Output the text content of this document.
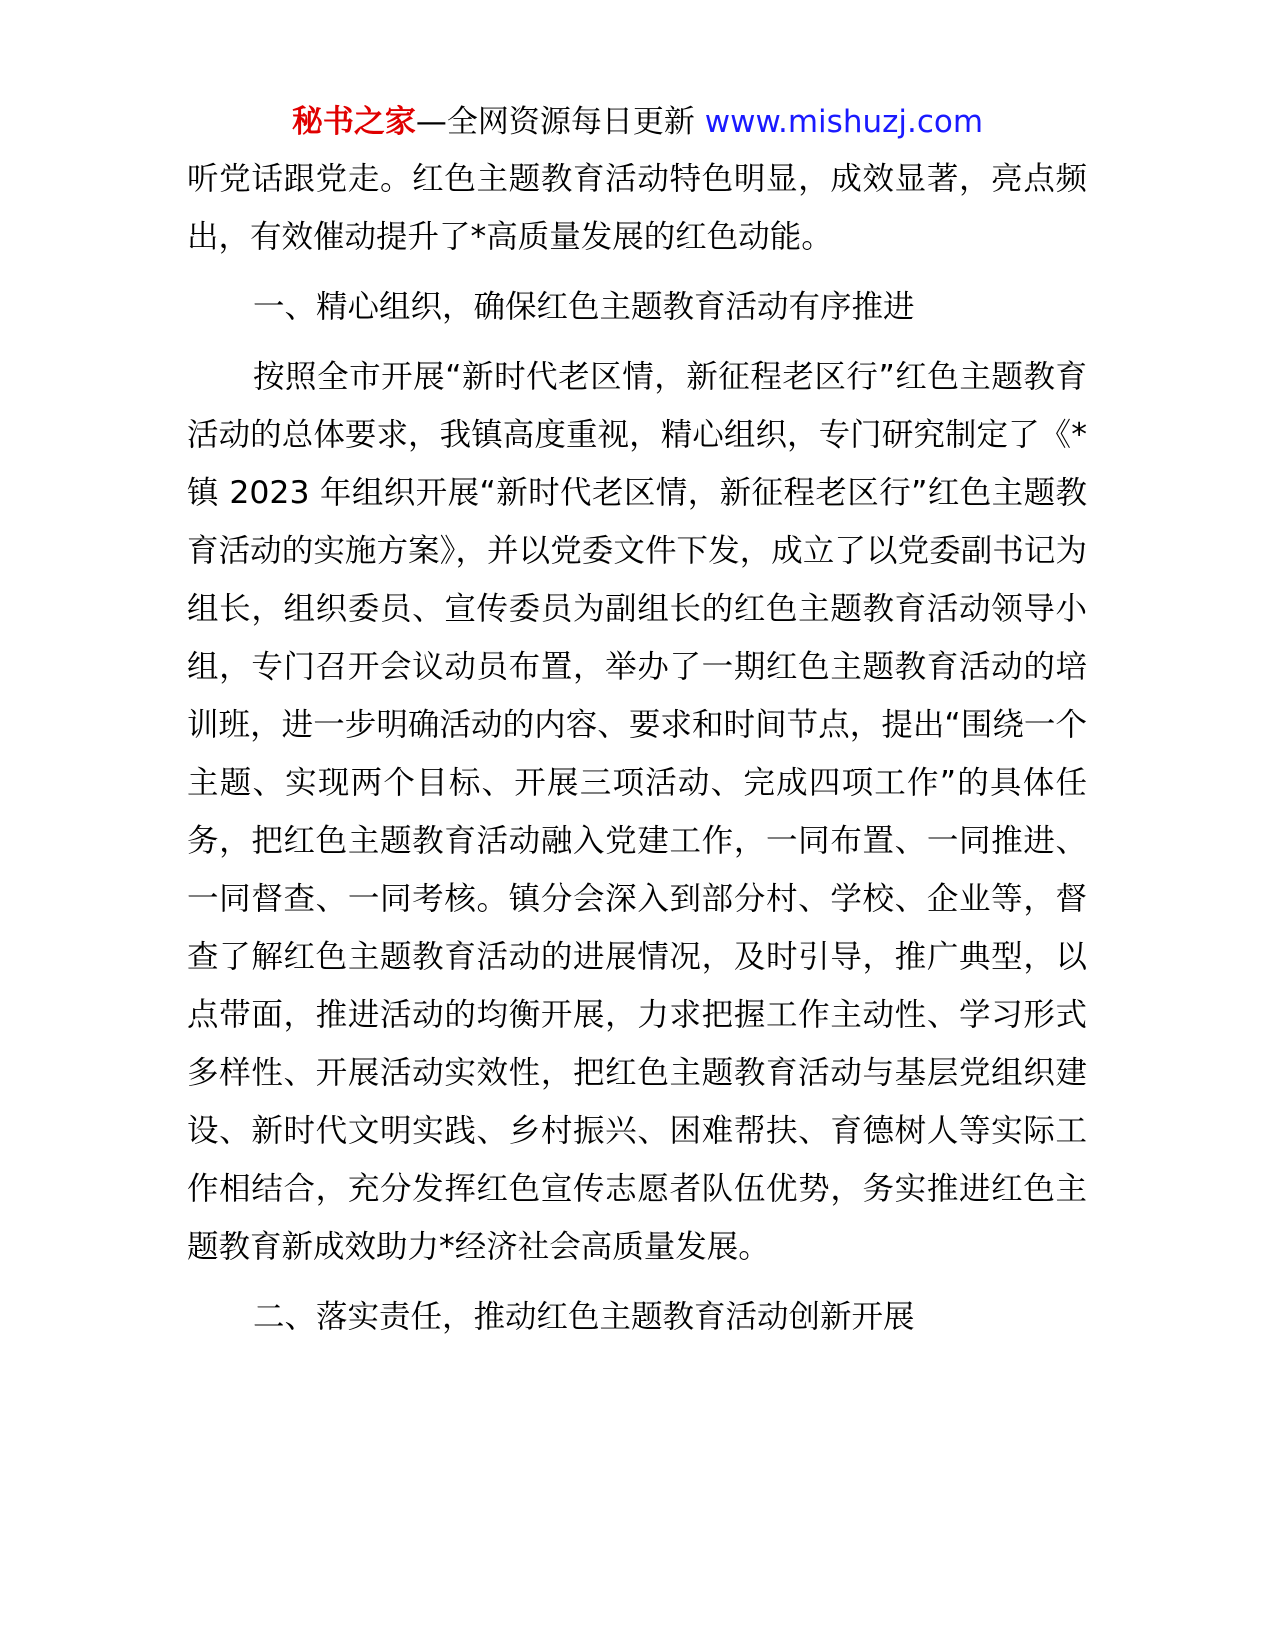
秘书之家—全网资源每日更新 www.mishuzj.com

听党话跟党走。红色主题教育活动特色明显，成效显著，亮点频出，有效催动提升了*高质量发展的红色动能。

一、精心组织，确保红色主题教育活动有序推进

按照全市开展“新时代老区情，新征程老区行”红色主题教育活动的总体要求，我镇高度重视，精心组织，专门研究制定了《*镇 2023 年组织开展“新时代老区情，新征程老区行”红色主题教育活动的实施方案》，并以党委文件下发，成立了以党委副书记为组长，组织委员、宣传委员为副组长的红色主题教育活动领导小组，专门召开会议动员布置，举办了一期红色主题教育活动的培训班，进一步明确活动的内容、要求和时间节点，提出“围绕一个主题、实现两个目标、开展三项活动、完成四项工作”的具体任务，把红色主题教育活动融入党建工作，一同布置、一同推进、一同督查、一同考核。镇分会深入到部分村、学校、企业等，督查了解红色主题教育活动的进展情况，及时引导，推广典型，以点带面，推进活动的均衡开展，力求把握工作主动性、学习形式多样性、开展活动实效性，把红色主题教育活动与基层党组织建设、新时代文明实践、乡村振兴、困难帮扶、育德树人等实际工作相结合，充分发挥红色宣传志愿者队伍优势，务实推进红色主题教育新成效助力*经济社会高质量发展。

二、落实责任，推动红色主题教育活动创新开展
